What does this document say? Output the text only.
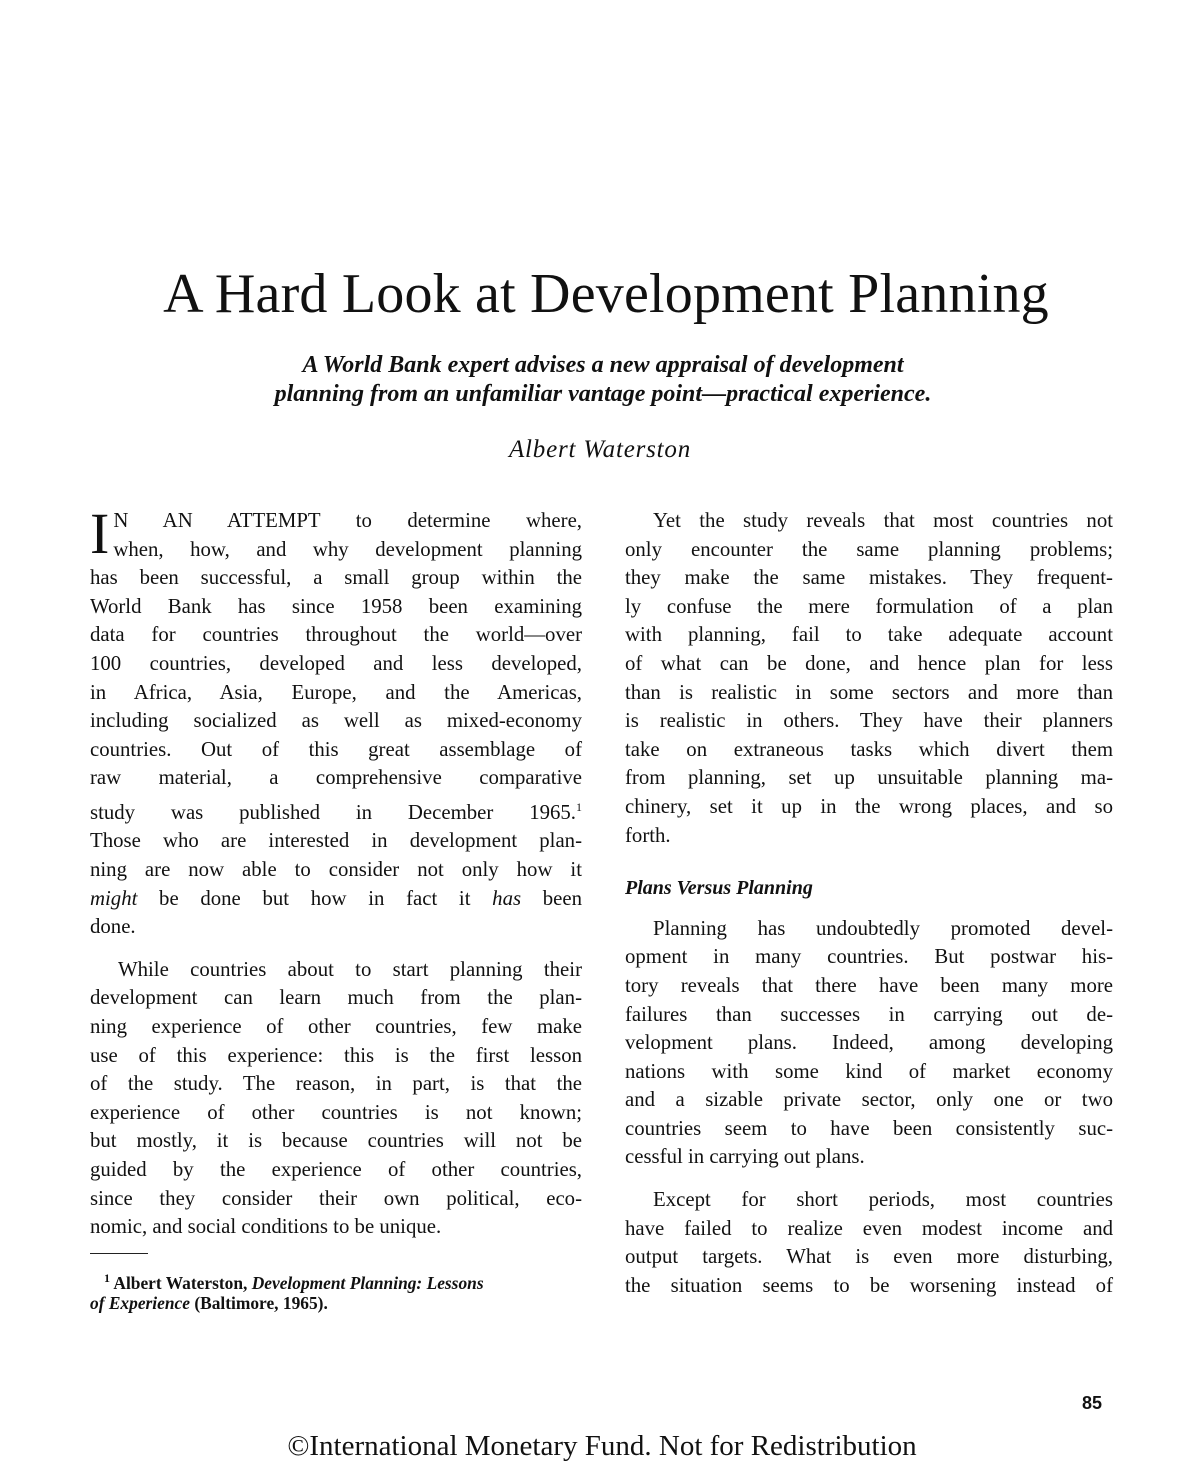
A Hard Look at Development Planning
A World Bank expert advises a new appraisal of development
planning from an unfamiliar vantage point—practical experience.
Albert Waterston
I N AN ATTEMPT to determine where,
when, how, and why development planning
has been successful, a small group within the
World Bank has since 1958 been examining
data for countries throughout the world—over
100 countries, developed and less developed,
in Africa, Asia, Europe, and the Americas,
including socialized as well as mixed-economy
countries. Out of this great assemblage of
raw material, a comprehensive comparative
study was published in December 1965.$^1$
Those who are interested in development plan-
ning are now able to consider not only how it
might be done but how in fact it has been
done.
While countries about to start planning their
development can learn much from the plan-
ning experience of other countries, few make
use of this experience: this is the first lesson
of the study. The reason, in part, is that the
experience of other countries is not known;
but mostly, it is because countries will not be
guided by the experience of other countries,
since they consider their own political, eco-
nomic, and social conditions to be unique.
$^1$ Albert Waterston, Development Planning: Lessons
of Experience (Baltimore, 1965).
Yet the study reveals that most countries not
only encounter the same planning problems;
they make the same mistakes. They frequent-
ly confuse the mere formulation of a plan
with planning, fail to take adequate account
of what can be done, and hence plan for less
than is realistic in some sectors and more than
is realistic in others. They have their planners
take on extraneous tasks which divert them
from planning, set up unsuitable planning ma-
chinery, set it up in the wrong places, and so
forth.
Plans Versus Planning
Planning has undoubtedly promoted devel-
opment in many countries. But postwar his-
tory reveals that there have been many more
failures than successes in carrying out de-
velopment plans. Indeed, among developing
nations with some kind of market economy
and a sizable private sector, only one or two
countries seem to have been consistently suc-
cessful in carrying out plans.
Except for short periods, most countries
have failed to realize even modest income and
output targets. What is even more disturbing,
the situation seems to be worsening instead of
85
©International Monetary Fund. Not for Redistribution
